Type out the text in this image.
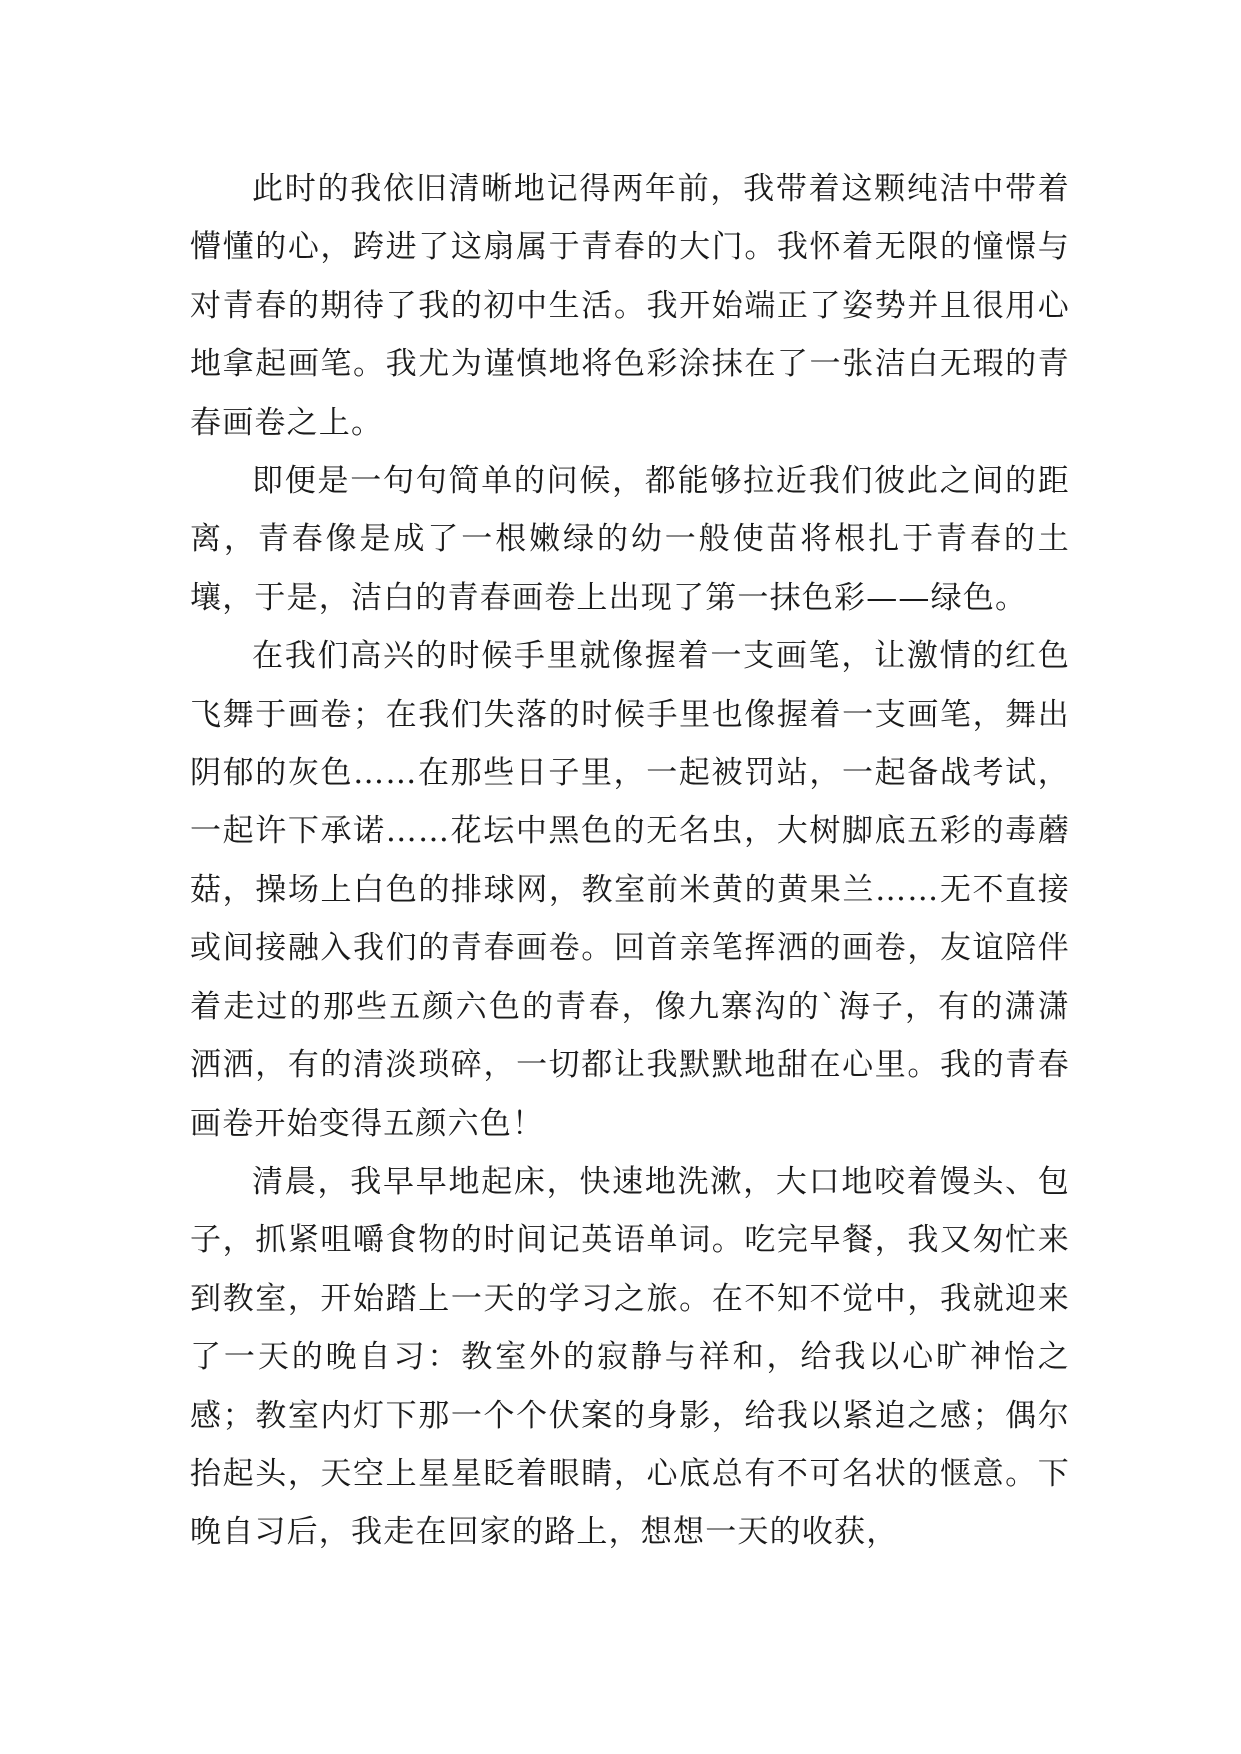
此时的我依旧清晰地记得两年前，我带着这颗纯洁中带着懵懂的心，跨进了这扇属于青春的大门。我怀着无限的憧憬与对青春的期待了我的初中生活。我开始端正了姿势并且很用心地拿起画笔。我尤为谨慎地将色彩涂抹在了一张洁白无瑕的青春画卷之上。

即便是一句句简单的问候，都能够拉近我们彼此之间的距离，青春像是成了一根嫩绿的幼一般使苗将根扎于青春的土壤，于是，洁白的青春画卷上出现了第一抹色彩——绿色。

在我们高兴的时候手里就像握着一支画笔，让激情的红色飞舞于画卷；在我们失落的时候手里也像握着一支画笔，舞出阴郁的灰色……在那些日子里，一起被罚站，一起备战考试，一起许下承诺……花坛中黑色的无名虫，大树脚底五彩的毒蘑菇，操场上白色的排球网，教室前米黄的黄果兰……无不直接或间接融入我们的青春画卷。回首亲笔挥洒的画卷，友谊陪伴着走过的那些五颜六色的青春，像九寨沟的`海子，有的潇潇洒洒，有的清淡琐碎，一切都让我默默地甜在心里。我的青春画卷开始变得五颜六色！

清晨，我早早地起床，快速地洗漱，大口地咬着馒头、包子，抓紧咀嚼食物的时间记英语单词。吃完早餐，我又匆忙来到教室，开始踏上一天的学习之旅。在不知不觉中，我就迎来了一天的晚自习：教室外的寂静与祥和，给我以心旷神怡之感；教室内灯下那一个个伏案的身影，给我以紧迫之感；偶尔抬起头，天空上星星眨着眼睛，心底总有不可名状的惬意。下晚自习后，我走在回家的路上，想想一天的收获，
